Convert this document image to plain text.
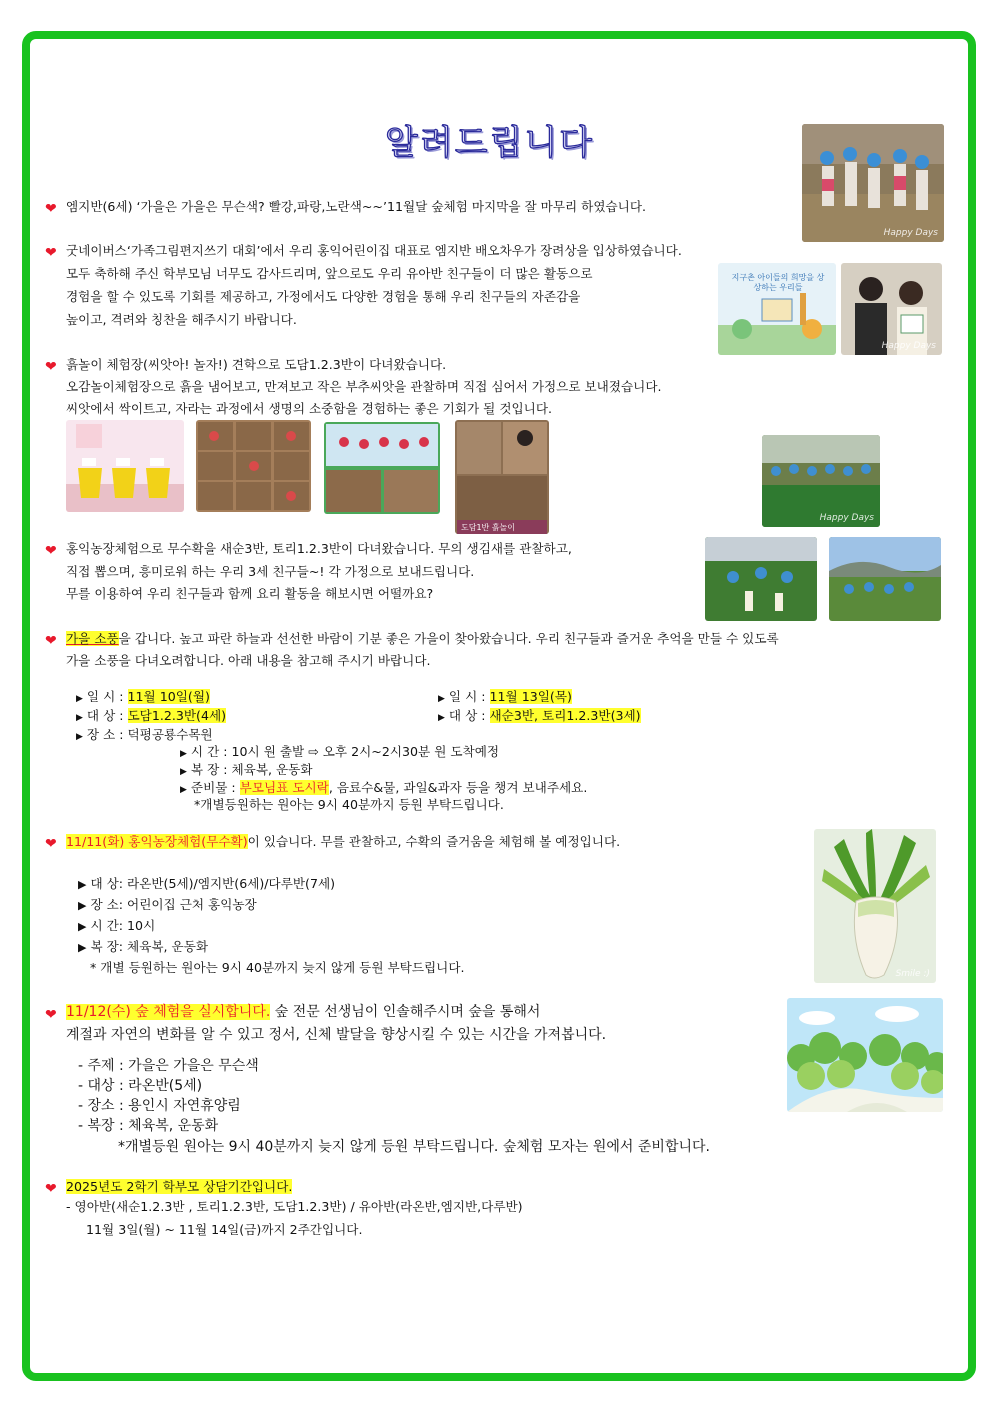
알려드립니다
❤ 엠지반(6세) ‘가을은 가을은 무슨색? 빨강,파랑,노란색~~’11월달 숲체험 마지막을 잘 마무리 하였습니다.
Happy Days
❤ 굿네이버스‘가족그림편지쓰기 대회’에서 우리 홍익어린이집 대표로 엠지반 배오차우가 장려상을 입상하였습니다.
모두 축하해 주신 학부모님 너무도 감사드리며, 앞으로도 우리 유아반 친구들이 더 많은 활동으로
경험을 할 수 있도록 기회를 제공하고, 가정에서도 다양한 경험을 통해 우리 친구들의 자존감을
높이고, 격려와 칭찬을 해주시기 바랍니다.
지구촌 아이들의 희망을 상상하는 우리들
Happy Days
❤ 흙놀이 체험장(씨앗아! 놀자!) 견학으로 도담1.2.3반이 다녀왔습니다.
오감놀이체험장으로 흙을 냄어보고, 만져보고 작은 부추씨앗을 관찰하며 직접 심어서 가정으로 보내졌습니다.
씨앗에서 싹이트고, 자라는 과정에서 생명의 소중함을 경험하는 좋은 기회가 될 것입니다.
도담1반 흙놀이
Happy Days
❤ 홍익농장체험으로 무수확을 새순3반, 토리1.2.3반이 다녀왔습니다. 무의 생김새를 관찰하고,
직접 뽑으며, 흥미로워 하는 우리 3세 친구들~! 각 가정으로 보내드립니다.
무를 이용하여 우리 친구들과 함께 요리 활동을 해보시면 어떨까요?
❤ 가을 소풍을 갑니다. 높고 파란 하늘과 선선한 바람이 기분 좋은 가을이 찾아왔습니다. 우리 친구들과 즐거운 추억을 만들 수 있도록
가을 소풍을 다녀오려합니다. 아래 내용을 참고해 주시기 바랍니다.
▶ 일 시 : 11월 10일(월)
▶ 대 상 : 도담1.2.3반(4세)
▶ 장 소 : 덕평공룡수목원
▶ 일 시 : 11월 13일(목)
▶ 대 상 : 새순3반, 토리1.2.3반(3세)
▶ 시 간 : 10시 원 출발 ⇨ 오후 2시~2시30분 원 도착예정
▶ 복 장 : 체육복, 운동화
▶ 준비물 : 부모님표 도시락, 음료수&물, 과일&과자 등을 챙겨 보내주세요.
*개별등원하는 원아는 9시 40분까지 등원 부탁드립니다.
❤ 11/11(화) 홍익농장체험(무수확)이 있습니다. 무를 관찰하고, 수확의 즐거움을 체험해 볼 예정입니다.
▶ 대 상: 라온반(5세)/엠지반(6세)/다루반(7세)
▶ 장 소: 어린이집 근처 홍익농장
▶ 시 간: 10시
▶ 복 장: 체육복, 운동화
* 개별 등원하는 원아는 9시 40분까지 늦지 않게 등원 부탁드립니다.	Smile :)
❤ 11/12(수) 숲 체험을 실시합니다. 숲 전문 선생님이 인솔해주시며 숲을 통해서
계절과 자연의 변화를 알 수 있고 정서, 신체 발달을 향상시킬 수 있는 시간을 가져봅니다.
- 주제 : 가을은 가을은 무슨색
- 대상 : 라온반(5세)
- 장소 : 용인시 자연휴양림
- 복장 : 체육복, 운동화
*개별등원 원아는 9시 40분까지 늦지 않게 등원 부탁드립니다. 숲체험 모자는 원에서 준비합니다.
❤ 2025년도 2학기 학부모 상담기간입니다.
- 영아반(새순1.2.3반 , 토리1.2.3반, 도담1.2.3반) / 유아반(라온반,엠지반,다루반)
11월 3일(월) ~ 11월 14일(금)까지 2주간입니다.
